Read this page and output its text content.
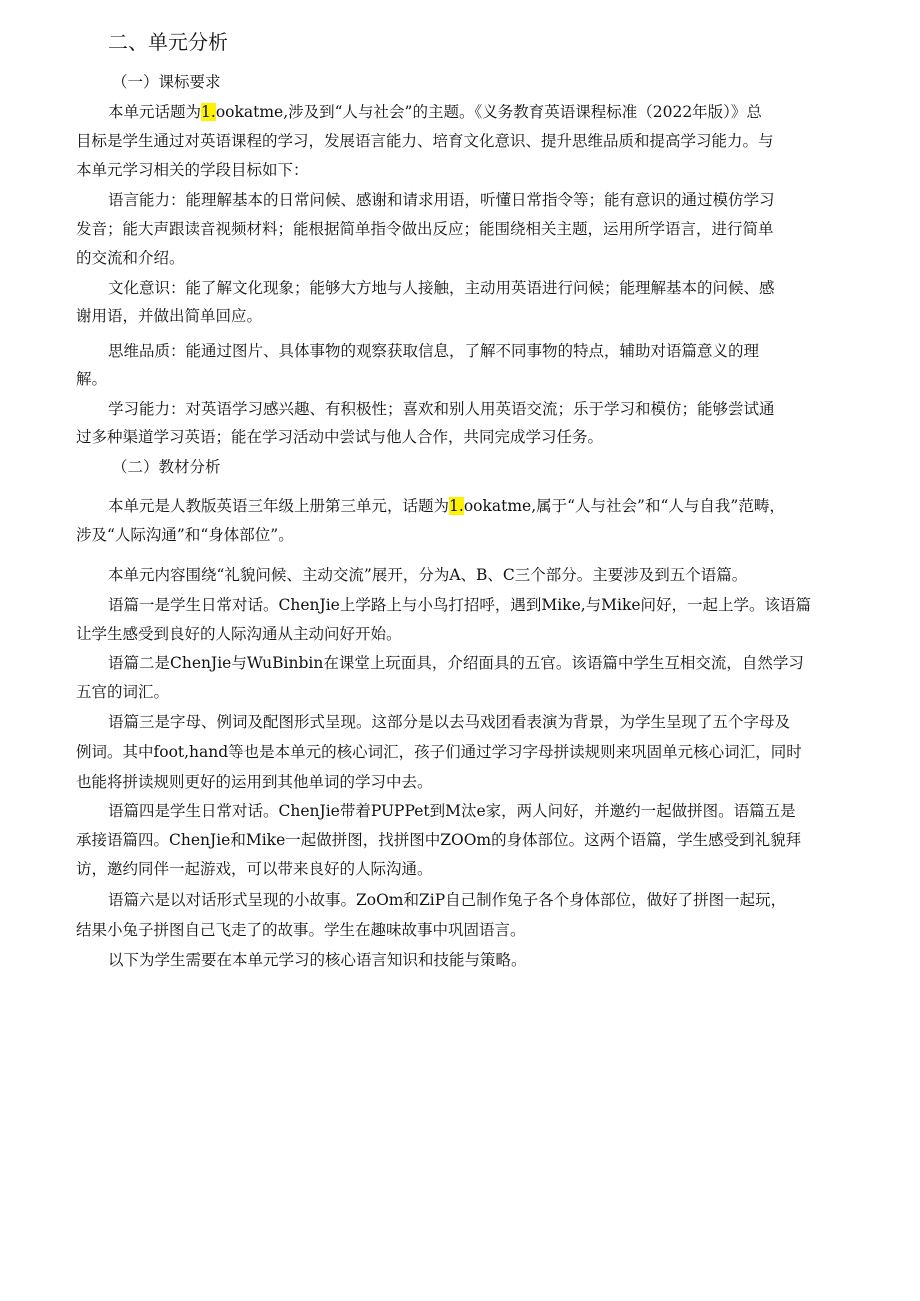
二、单元分析
（一）课标要求
本单元话题为1.ookatme,涉及到“人与社会”的主题。《义务教育英语课程标准（2022年版）》总
目标是学生通过对英语课程的学习，发展语言能力、培育文化意识、提升思维品质和提高学习能力。与
本单元学习相关的学段目标如下：
语言能力：能理解基本的日常问候、感谢和请求用语，听懂日常指令等；能有意识的通过模仿学习
发音；能大声跟读音视频材料；能根据简单指令做出反应；能围绕相关主题，运用所学语言，进行简单
的交流和介绍。
文化意识：能了解文化现象；能够大方地与人接触，主动用英语进行问候；能理解基本的问候、感
谢用语，并做出简单回应。
思维品质：能通过图片、具体事物的观察获取信息，了解不同事物的特点，辅助对语篇意义的理
解。
学习能力：对英语学习感兴趣、有积极性；喜欢和别人用英语交流；乐于学习和模仿；能够尝试通
过多种渠道学习英语；能在学习活动中尝试与他人合作，共同完成学习任务。
（二）教材分析
本单元是人教版英语三年级上册第三单元，话题为1.ookatme,属于“人与社会”和“人与自我”范畴，
涉及“人际沟通”和“身体部位”。
本单元内容围绕“礼貌问候、主动交流”展开，分为A、B、C三个部分。主要涉及到五个语篇。
语篇一是学生日常对话。ChenJie上学路上与小鸟打招呼，遇到Mike,与Mike问好，一起上学。该语篇
让学生感受到良好的人际沟通从主动问好开始。
语篇二是ChenJie与WuBinbin在课堂上玩面具，介绍面具的五官。该语篇中学生互相交流，自然学习
五官的词汇。
语篇三是字母、例词及配图形式呈现。这部分是以去马戏团看表演为背景，为学生呈现了五个字母及
例词。其中foot,hand等也是本单元的核心词汇，孩子们通过学习字母拼读规则来巩固单元核心词汇，同时
也能将拼读规则更好的运用到其他单词的学习中去。
语篇四是学生日常对话。ChenJie带着PUPPet到M汰e家，两人问好，并邀约一起做拼图。语篇五是
承接语篇四。ChenJie和Mike一起做拼图，找拼图中ZOOm的身体部位。这两个语篇，学生感受到礼貌拜
访，邀约同伴一起游戏，可以带来良好的人际沟通。
语篇六是以对话形式呈现的小故事。ZoOm和ZiP自己制作兔子各个身体部位，做好了拼图一起玩，
结果小兔子拼图自己飞走了的故事。学生在趣味故事中巩固语言。
以下为学生需要在本单元学习的核心语言知识和技能与策略。
